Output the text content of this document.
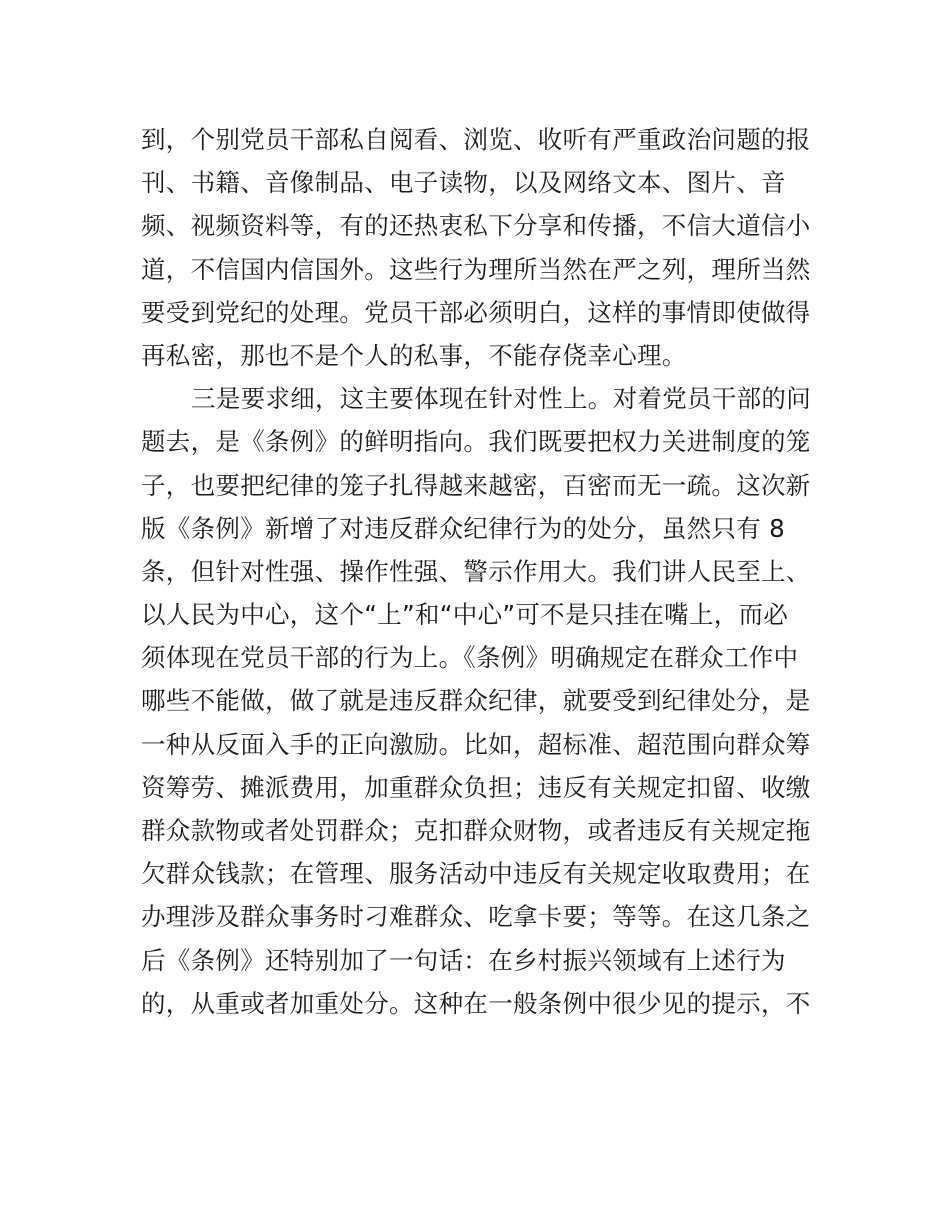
到，个别党员干部私自阅看、浏览、收听有严重政治问题的报
刊、书籍、音像制品、电子读物，以及网络文本、图片、音
频、视频资料等，有的还热衷私下分享和传播，不信大道信小
道，不信国内信国外。这些行为理所当然在严之列，理所当然
要受到党纪的处理。党员干部必须明白，这样的事情即使做得
再私密，那也不是个人的私事，不能存侥幸心理。
三是要求细，这主要体现在针对性上。对着党员干部的问
题去，是《条例》的鲜明指向。我们既要把权力关进制度的笼
子，也要把纪律的笼子扎得越来越密，百密而无一疏。这次新
版《条例》新增了对违反群众纪律行为的处分，虽然只有 8
条，但针对性强、操作性强、警示作用大。我们讲人民至上、
以人民为中心，这个“上”和“中心”可不是只挂在嘴上，而必
须体现在党员干部的行为上。《条例》明确规定在群众工作中
哪些不能做，做了就是违反群众纪律，就要受到纪律处分，是
一种从反面入手的正向激励。比如，超标准、超范围向群众筹
资筹劳、摊派费用，加重群众负担；违反有关规定扣留、收缴
群众款物或者处罚群众；克扣群众财物，或者违反有关规定拖
欠群众钱款；在管理、服务活动中违反有关规定收取费用；在
办理涉及群众事务时刁难群众、吃拿卡要；等等。在这几条之
后《条例》还特别加了一句话：在乡村振兴领域有上述行为
的，从重或者加重处分。这种在一般条例中很少见的提示，不
